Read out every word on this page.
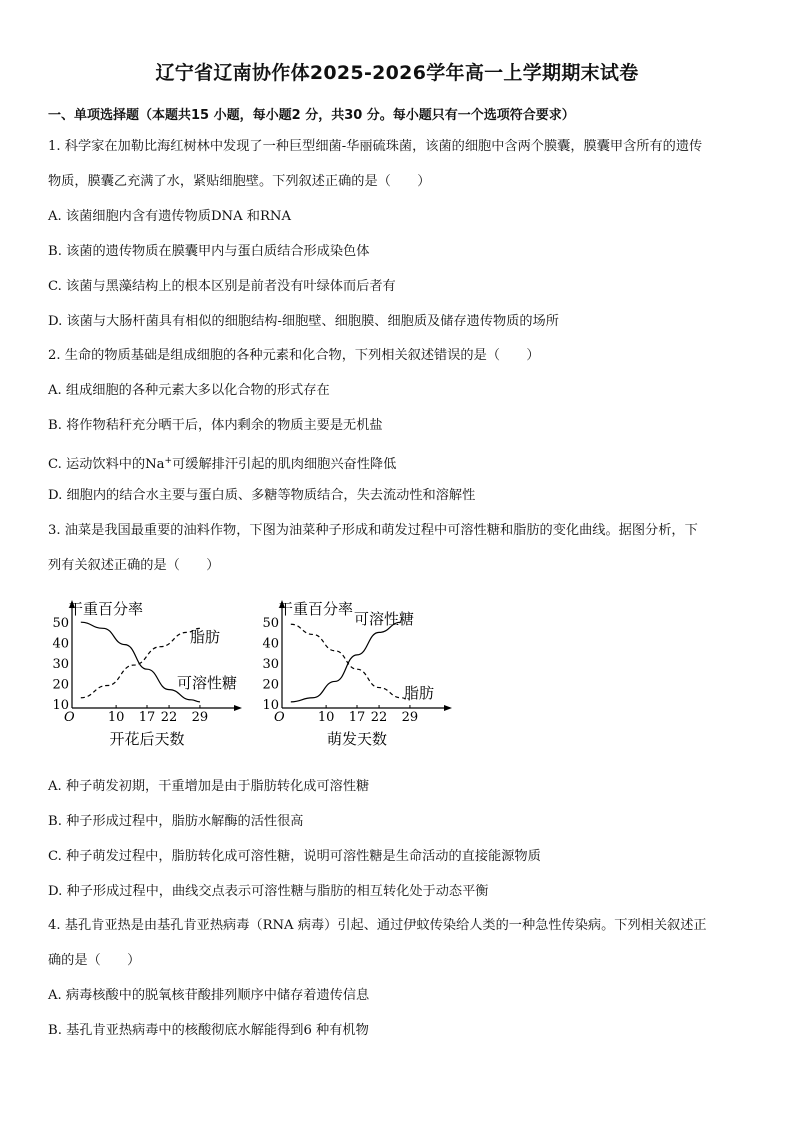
辽宁省辽南协作体2025-2026学年高一上学期期末试卷
一、单项选择题（本题共15 小题，每小题2 分，共30 分。每小题只有一个选项符合要求）
1. 科学家在加勒比海红树林中发现了一种巨型细菌-华丽硫珠菌，该菌的细胞中含两个膜囊，膜囊甲含所有的遗传
物质，膜囊乙充满了水，紧贴细胞壁。下列叙述正确的是（　　）
A. 该菌细胞内含有遗传物质DNA 和RNA
B. 该菌的遗传物质在膜囊甲内与蛋白质结合形成染色体
C. 该菌与黑藻结构上的根本区别是前者没有叶绿体而后者有
D. 该菌与大肠杆菌具有相似的细胞结构-细胞壁、细胞膜、细胞质及储存遗传物质的场所
2. 生命的物质基础是组成细胞的各种元素和化合物，下列相关叙述错误的是（　　）
A. 组成细胞的各种元素大多以化合物的形式存在
B. 将作物秸秆充分晒干后，体内剩余的物质主要是无机盐
C. 运动饮料中的Na+可缓解排汗引起的肌肉细胞兴奋性降低
D. 细胞内的结合水主要与蛋白质、多糖等物质结合，失去流动性和溶解性
3. 油菜是我国最重要的油料作物，下图为油菜种子形成和萌发过程中可溶性糖和脂肪的变化曲线。据图分析，下
列有关叙述正确的是（　　）
干重百分率
O
10
20
30
40
50
10 17 22 29
开花后天数
脂肪
可溶性糖
干重百分率
O
10
20
30
40
50
10 17 22 29
萌发天数
可溶性糖
脂肪
A. 种子萌发初期，干重增加是由于脂肪转化成可溶性糖
B. 种子形成过程中，脂肪水解酶的活性很高
C. 种子萌发过程中，脂肪转化成可溶性糖，说明可溶性糖是生命活动的直接能源物质
D. 种子形成过程中，曲线交点表示可溶性糖与脂肪的相互转化处于动态平衡
4. 基孔肯亚热是由基孔肯亚热病毒（RNA 病毒）引起、通过伊蚊传染给人类的一种急性传染病。下列相关叙述正
确的是（　　）
A. 病毒核酸中的脱氧核苷酸排列顺序中储存着遗传信息
B. 基孔肯亚热病毒中的核酸彻底水解能得到6 种有机物
